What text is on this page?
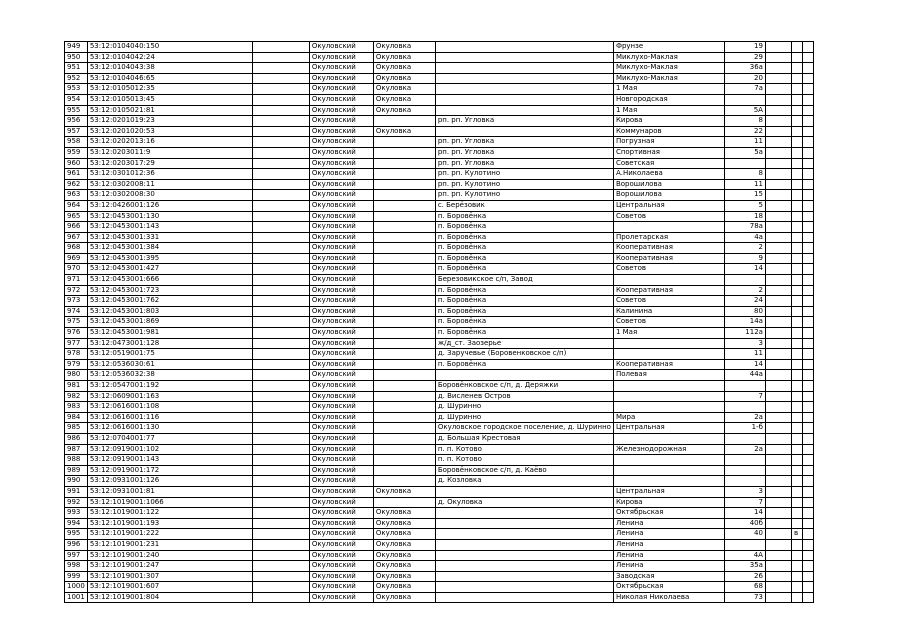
949	53:12:0104040:150		Окуловский	Окуловка		Фрунзе	19			
950	53:12:0104042:24		Окуловский	Окуловка		Миклухо-Маклая	29			
951	53:12:0104043:38		Окуловский	Окуловка		Миклухо-Маклая	36а			
952	53:12:0104046:65		Окуловский	Окуловка		Миклухо-Маклая	20			
953	53:12:0105012:35		Окуловский	Окуловка		1 Мая	7а			
954	53:12:0105013:45		Окуловский	Окуловка		Новгородская				
955	53:12:0105021:81		Окуловский	Окуловка		1 Мая	5А			
956	53:12:0201019:23		Окуловский		рп. рп. Угловка	Кирова	8			
957	53:12:0201020:53		Окуловский	Окуловка		Коммунаров	22			
958	53:12:0202013:16		Окуловский		рп. рп. Угловка	Погрузная	11			
959	53:12:0203011:9		Окуловский		рп. рп. Угловка	Спортивная	5а			
960	53:12:0203017:29		Окуловский		рп. рп. Угловка	Советская				
961	53:12:0301012:36		Окуловский		рп. рп. Кулотино	А.Николаева	8			
962	53:12:0302008:11		Окуловский		рп. рп. Кулотино	Ворошилова	11			
963	53:12:0302008:30		Окуловский		рп. рп. Кулотино	Ворошилова	15			
964	53:12:0426001:126		Окуловский		с. Берёзовик	Центральная	5			
965	53:12:0453001:130		Окуловский		п. Боровёнка	Советов	18			
966	53:12:0453001:143		Окуловский		п. Боровёнка		78а			
967	53:12:0453001:331		Окуловский		п. Боровёнка	Пролетарская	4а			
968	53:12:0453001:384		Окуловский		п. Боровёнка	Кооперативная	2			
969	53:12:0453001:395		Окуловский		п. Боровёнка	Кооперативная	9			
970	53:12:0453001:427		Окуловский		п. Боровёнка	Советов	14			
971	53:12:0453001:666		Окуловский		Березовикское с/п, Завод					
972	53:12:0453001:723		Окуловский		п. Боровёнка	Кооперативная	2			
973	53:12:0453001:762		Окуловский		п. Боровёнка	Советов	24			
974	53:12:0453001:803		Окуловский		п. Боровёнка	Калинина	80			
975	53:12:0453001:869		Окуловский		п. Боровёнка	Советов	14а			
976	53:12:0453001:981		Окуловский		п. Боровёнка	1 Мая	112а			
977	53:12:0473001:128		Окуловский		ж/д_ст. Заозерье		3			
978	53:12:0519001:75		Окуловский		д. Заручевье (Боровенковское с/п)		11			
979	53:12:0536030:61		Окуловский		п. Боровёнка	Кооперативная	14			
980	53:12:0536032:38		Окуловский			Полевая	44а			
981	53:12:0547001:192		Окуловский		Боровёнковское с/п, д. Деряжки					
982	53:12:0609001:163		Окуловский		д. Висленев Остров		7			
983	53:12:0616001:108		Окуловский		д. Шуринно					
984	53:12:0616001:116		Окуловский		д. Шуринно	Мира	2а			
985	53:12:0616001:130		Окуловский		Окуловское городское поселение, д. Шуринно	Центральная	1-б			
986	53:12:0704001:77		Окуловский		д. Большая Крестовая					
987	53:12:0919001:102		Окуловский		п. п. Котово	Железнодорожная	2а			
988	53:12:0919001:143		Окуловский		п. п. Котово					
989	53:12:0919001:172		Окуловский		Боровёнковское с/п, д. Каёво					
990	53:12:0931001:126		Окуловский		д. Козловка					
991	53:12:0931001:81		Окуловский	Окуловка		Центральная	3			
992	53:12:1019001:1066		Окуловский		д. Окуловка	Кирова	7			
993	53:12:1019001:122		Окуловский	Окуловка		Октябрьская	14			
994	53:12:1019001:193		Окуловский	Окуловка		Ленина	40б			
995	53:12:1019001:222		Окуловский	Окуловка		Ленина	40		в	
996	53:12:1019001:231		Окуловский	Окуловка		Ленина				
997	53:12:1019001:240		Окуловский	Окуловка		Ленина	4А			
998	53:12:1019001:247		Окуловский	Окуловка		Ленина	35а			
999	53:12:1019001:307		Окуловский	Окуловка		Заводская	26			
1000	53:12:1019001:607		Окуловский	Окуловка		Октябрьская	68			
1001	53:12:1019001:804		Окуловский	Окуловка		Николая Николаева	73			
